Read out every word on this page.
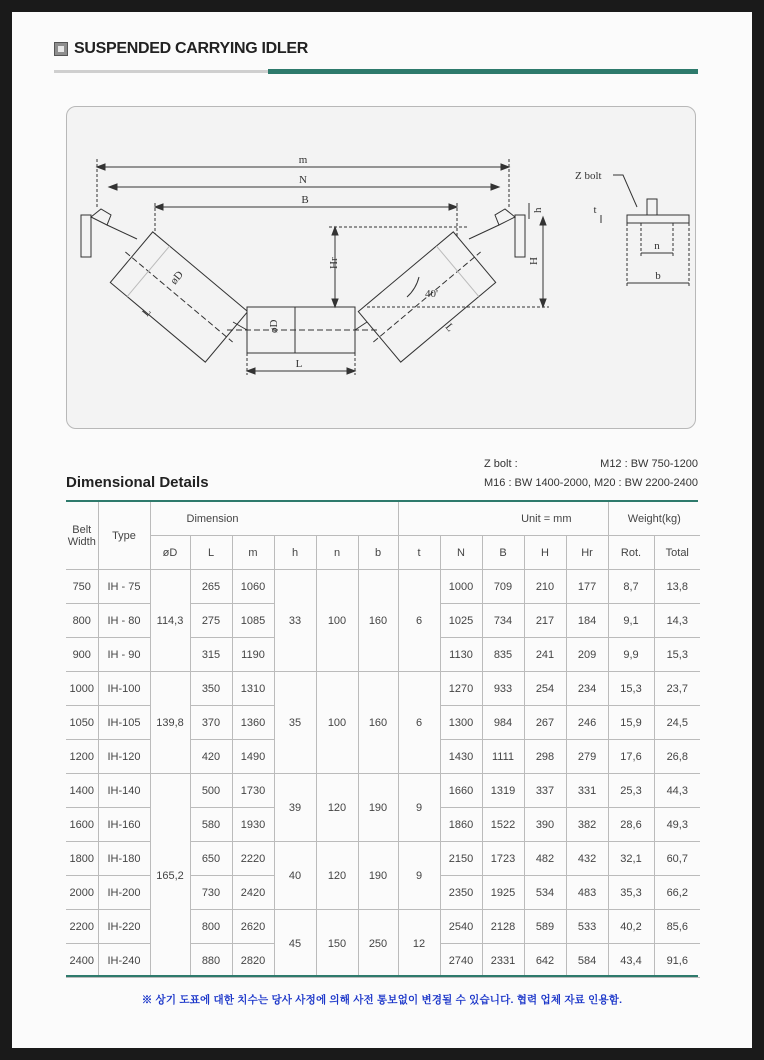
SUSPENDED CARRYING IDLER
m
N
B
øD
L
L
40'
øD
L
Hr	H
h
Z bolt
n
b
t
Dimensional Details
Z bolt :	M12 : BW 750-1200
M16 : BW 1400-2000, M20 : BW 2200-2400
Belt Width	Type	Dimension						Unit = mm					Weight(kg)	
		øD	L	m	h	n	b	t	N	B	H	Hr	Rot.	Total
750	IH - 75	114,3	265	1060	33	100	160	6	1000	709	210	177	8,7	13,8
800	IH - 80		275	1085					1025	734	217	184	9,1	14,3
900	IH - 90		315	1190					1130	835	241	209	9,9	15,3
1000	IH-100	139,8	350	1310	35	100	160	6	1270	933	254	234	15,3	23,7
1050	IH-105		370	1360					1300	984	267	246	15,9	24,5
1200	IH-120		420	1490					1430	1111	298	279	17,6	26,8
1400	IH-140	165,2	500	1730	39	120	190	9	1660	1319	337	331	25,3	44,3
1600	IH-160		580	1930					1860	1522	390	382	28,6	49,3
1800	IH-180		650	2220	40	120	190	9	2150	1723	482	432	32,1	60,7
2000	IH-200		730	2420					2350	1925	534	483	35,3	66,2
2200	IH-220		800	2620	45	150	250	12	2540	2128	589	533	40,2	85,6
2400	IH-240		880	2820					2740	2331	642	584	43,4	91,6
※ 상기 도표에 대한 치수는 당사 사정에 의해 사전 통보없이 변경될 수 있습니다. 협력 업체 자료 인용함.
